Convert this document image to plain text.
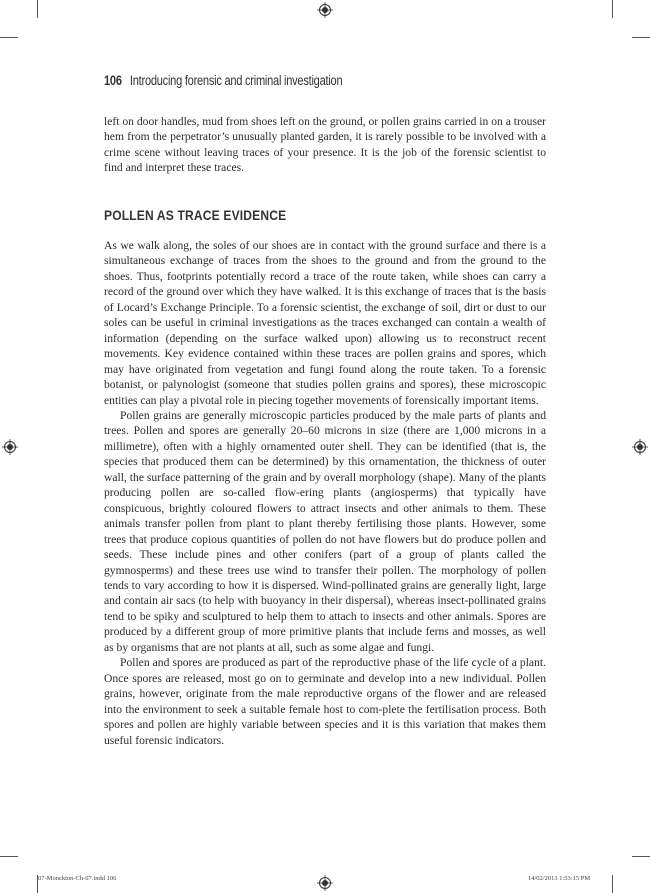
106 Introducing forensic and criminal investigation

left on door handles, mud from shoes left on the ground, or pollen grains carried in on a trouser hem from the perpetrator’s unusually planted garden, it is rarely possible to be involved with a crime scene without leaving traces of your presence. It is the job of the forensic scientist to find and interpret these traces.

POLLEN AS TRACE EVIDENCE

As we walk along, the soles of our shoes are in contact with the ground surface and there is a simultaneous exchange of traces from the shoes to the ground and from the ground to the shoes. Thus, footprints potentially record a trace of the route taken, while shoes can carry a record of the ground over which they have walked. It is this exchange of traces that is the basis of Locard’s Exchange Principle. To a forensic scientist, the exchange of soil, dirt or dust to our soles can be useful in criminal investigations as the traces exchanged can contain a wealth of information (depending on the surface walked upon) allowing us to reconstruct recent movements. Key evidence contained within these traces are pollen grains and spores, which may have originated from vegetation and fungi found along the route taken. To a forensic botanist, or palynologist (someone that studies pollen grains and spores), these microscopic entities can play a pivotal role in piecing together movements of forensically important items.

Pollen grains are generally microscopic particles produced by the male parts of plants and trees. Pollen and spores are generally 20–60 microns in size (there are 1,000 microns in a millimetre), often with a highly ornamented outer shell. They can be identified (that is, the species that produced them can be determined) by this ornamentation, the thickness of outer wall, the surface patterning of the grain and by overall morphology (shape). Many of the plants producing pollen are so-called flow-ering plants (angiosperms) that typically have conspicuous, brightly coloured flowers to attract insects and other animals to them. These animals transfer pollen from plant to plant thereby fertilising those plants. However, some trees that produce copious quantities of pollen do not have flowers but do produce pollen and seeds. These include pines and other conifers (part of a group of plants called the gymnosperms) and these trees use wind to transfer their pollen. The morphology of pollen tends to vary according to how it is dispersed. Wind-pollinated grains are generally light, large and contain air sacs (to help with buoyancy in their dispersal), whereas insect-pollinated grains tend to be spiky and sculptured to help them to attach to insects and other animals. Spores are produced by a different group of more primitive plants that include ferns and mosses, as well as by organisms that are not plants at all, such as some algae and fungi.

Pollen and spores are produced as part of the reproductive phase of the life cycle of a plant. Once spores are released, most go on to germinate and develop into a new individual. Pollen grains, however, originate from the male reproductive organs of the flower and are released into the environment to seek a suitable female host to com-plete the fertilisation process. Both spores and pollen are highly variable between species and it is this variation that makes them useful forensic indicators.

07-Monckton-Ch-07.indd 106	14/02/2013 1:53:15 PM
